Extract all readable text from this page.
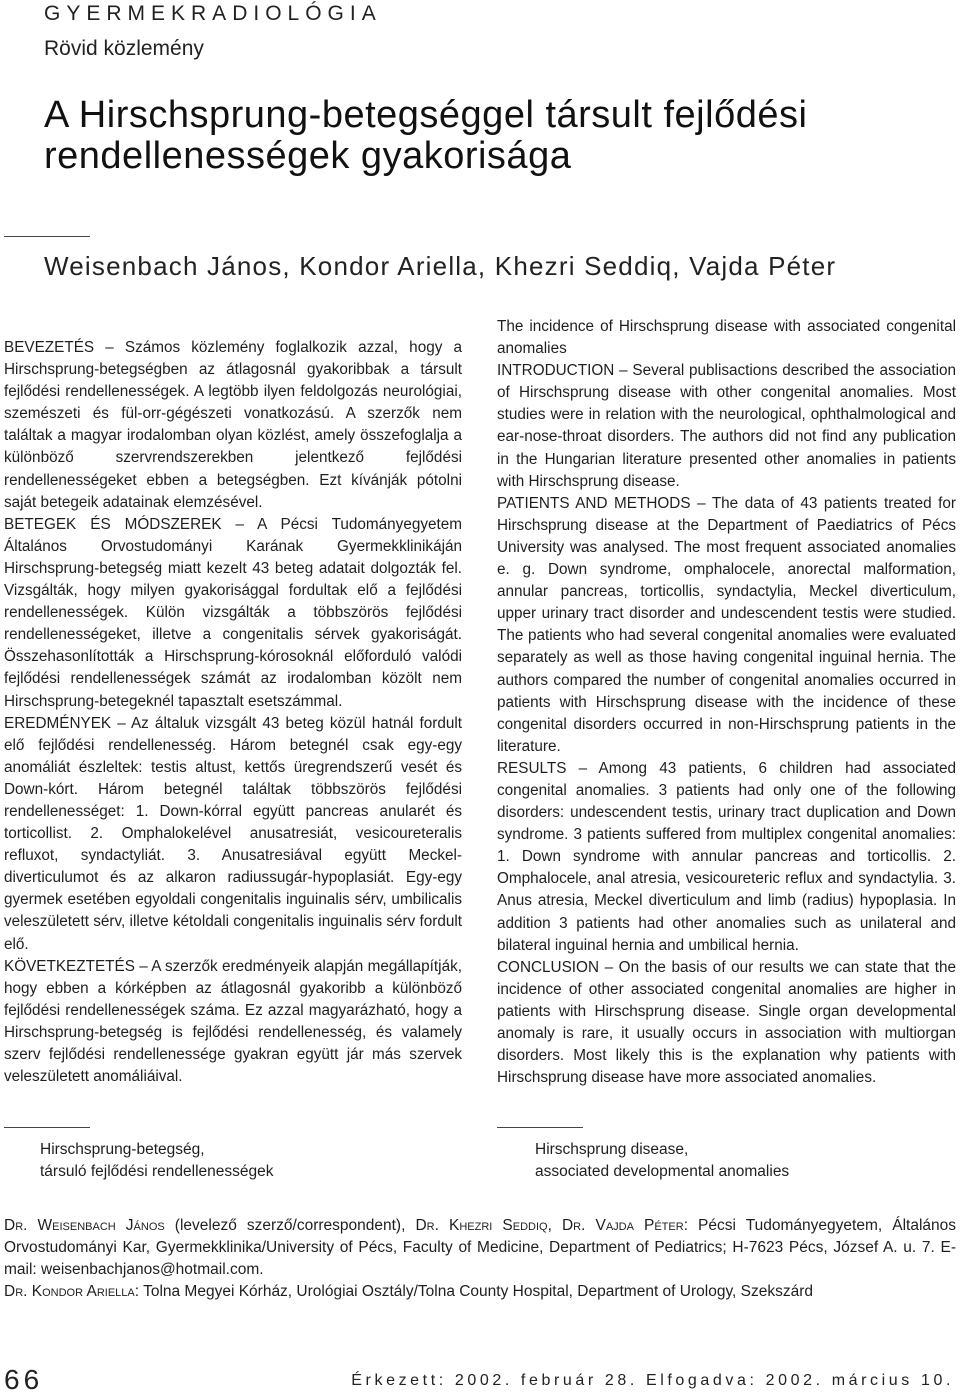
GYERMEKRADIOLÓGIA
Rövid közlemény
A Hirschsprung-betegséggel társult fejlődési rendellenességek gyakorisága
Weisenbach János, Kondor Ariella, Khezri Seddiq, Vajda Péter

BEVEZETÉS – Számos közlemény foglalkozik azzal, hogy a Hirschsprung-betegségben az átlagosnál gyakoribbak a társult fejlődési rendellenességek. A legtöbb ilyen feldolgozás neurológiai, szemészeti és fül-orr-gégészeti vonatkozású. A szerzők nem találtak a magyar irodalomban olyan közlést, amely összefoglalja a különböző szervrendszerekben jelentkező fejlődési rendellenességeket ebben a betegségben. Ezt kívánják pótolni saját betegeik adatainak elemzésével.

BETEGEK ÉS MÓDSZEREK – A Pécsi Tudományegyetem Általános Orvostudományi Karának Gyermekklinikáján Hirschsprung-betegség miatt kezelt 43 beteg adatait dolgozták fel. Vizsgálták, hogy milyen gyakorisággal fordultak elő a fejlődési rendellenességek. Külön vizsgálták a többszörös fejlődési rendellenességeket, illetve a congenitalis sérvek gyakoriságát. Összehasonlították a Hirschsprung-kórosoknál előforduló valódi fejlődési rendellenességek számát az irodalomban közölt nem Hirschsprung-betegeknél tapasztalt esetszámmal.

EREDMÉNYEK – Az általuk vizsgált 43 beteg közül hatnál fordult elő fejlődési rendellenesség. Három betegnél csak egy-egy anomáliát észleltek: testis altust, kettős üregrendszerű vesét és Down-kórt. Három betegnél találtak többszörös fejlődési rendellenességet: 1. Down-kórral együtt pancreas anularét és torticollist. 2. Omphalokelével anusatresiát, vesicoureteralis refluxot, syndactyliát. 3. Anusatresiával együtt Meckel-diverticulumot és az alkaron radiussugár-hypoplasiát. Egy-egy gyermek esetében egyoldali congenitalis inguinalis sérv, umbilicalis veleszületett sérv, illetve kétoldali congenitalis inguinalis sérv fordult elő.

KÖVETKEZTETÉS – A szerzők eredményeik alapján megállapítják, hogy ebben a kórképben az átlagosnál gyakoribb a különböző fejlődési rendellenességek száma. Ez azzal magyarázható, hogy a Hirschsprung-betegség is fejlődési rendellenesség, és valamely szerv fejlődési rendellenessége gyakran együtt jár más szervek veleszületett anomáliáival.

The incidence of Hirschsprung disease with associated congenital anomalies

INTRODUCTION – Several publisactions described the association of Hirschsprung disease with other congenital anomalies. Most studies were in relation with the neurological, ophthalmological and ear-nose-throat disorders. The authors did not find any publication in the Hungarian literature presented other anomalies in patients with Hirschsprung disease.

PATIENTS AND METHODS – The data of 43 patients treated for Hirschsprung disease at the Department of Paediatrics of Pécs University was analysed. The most frequent associated anomalies e. g. Down syndrome, omphalocele, anorectal malformation, annular pancreas, torticollis, syndactylia, Meckel diverticulum, upper urinary tract disorder and undescendent testis were studied. The patients who had several congenital anomalies were evaluated separately as well as those having congenital inguinal hernia. The authors compared the number of congenital anomalies occurred in patients with Hirschsprung disease with the incidence of these congenital disorders occurred in non-Hirschsprung patients in the literature.

RESULTS – Among 43 patients, 6 children had associated congenital anomalies. 3 patients had only one of the following disorders: undescendent testis, urinary tract duplication and Down syndrome. 3 patients suffered from multiplex congenital anomalies: 1. Down syndrome with annular pancreas and torticollis. 2. Omphalocele, anal atresia, vesicoureteric reflux and syndactylia. 3. Anus atresia, Meckel diverticulum and limb (radius) hypoplasia. In addition 3 patients had other anomalies such as unilateral and bilateral inguinal hernia and umbilical hernia.

CONCLUSION – On the basis of our results we can state that the incidence of other associated congenital anomalies are higher in patients with Hirschsprung disease. Single organ developmental anomaly is rare, it usually occurs in association with multiorgan disorders. Most likely this is the explanation why patients with Hirschsprung disease have more associated anomalies.

Hirschsprung-betegség,
társuló fejlődési rendellenességek
Hirschsprung disease,
associated developmental anomalies

Dr. Weisenbach János (levelező szerző/correspondent), Dr. Khezri Seddiq, Dr. Vajda Péter: Pécsi Tudományegyetem, Általános Orvostudományi Kar, Gyermekklinika/University of Pécs, Faculty of Medicine, Department of Pediatrics; H-7623 Pécs, József A. u. 7. E-mail: weisenbachjanos@hotmail.com.

Dr. Kondor Ariella: Tolna Megyei Kórház, Urológiai Osztály/Tolna County Hospital, Department of Urology, Szekszárd

66	Érkezett: 2002. február 28. Elfogadva: 2002. március 10.
